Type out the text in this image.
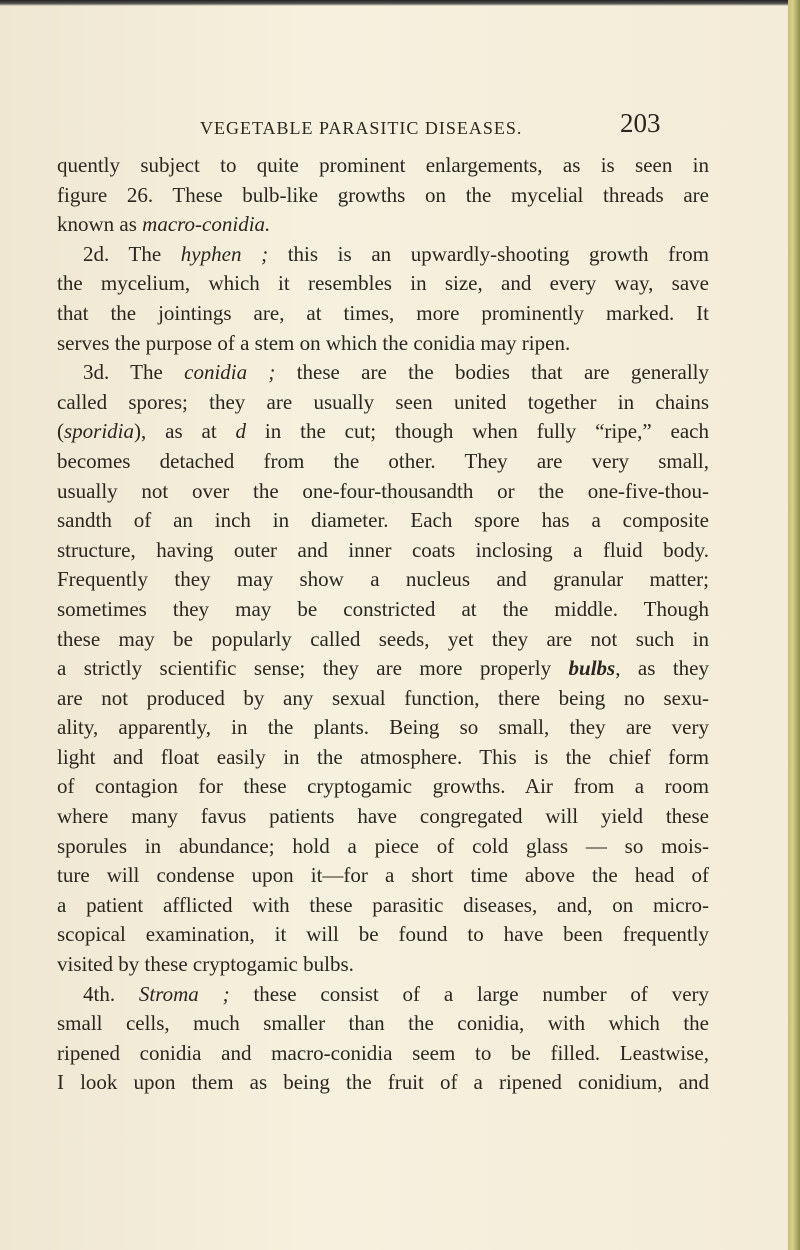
VEGETABLE PARASITIC DISEASES.	203

quently subject to quite prominent enlargements, as is seen in
figure 26. These bulb-like growths on the mycelial threads are
known as macro-conidia.

2d. The hyphen ; this is an upwardly-shooting growth from
the mycelium, which it resembles in size, and every way, save
that the jointings are, at times, more prominently marked. It
serves the purpose of a stem on which the conidia may ripen.

3d. The conidia ; these are the bodies that are generally
called spores; they are usually seen united together in chains
(sporidia), as at d in the cut; though when fully “ripe,” each
becomes detached from the other. They are very small,
usually not over the one-four-thousandth or the one-five-thou-
sandth of an inch in diameter. Each spore has a composite
structure, having outer and inner coats inclosing a fluid body.
Frequently they may show a nucleus and granular matter;
sometimes they may be constricted at the middle. Though
these may be popularly called seeds, yet they are not such in
a strictly scientific sense; they are more properly bulbs, as they
are not produced by any sexual function, there being no sexu-
ality, apparently, in the plants. Being so small, they are very
light and float easily in the atmosphere. This is the chief form
of contagion for these cryptogamic growths. Air from a room
where many favus patients have congregated will yield these
sporules in abundance; hold a piece of cold glass — so mois-
ture will condense upon it—for a short time above the head of
a patient afflicted with these parasitic diseases, and, on micro-
scopical examination, it will be found to have been frequently
visited by these cryptogamic bulbs.

4th. Stroma ; these consist of a large number of very
small cells, much smaller than the conidia, with which the
ripened conidia and macro-conidia seem to be filled. Leastwise,
I look upon them as being the fruit of a ripened conidium, and
